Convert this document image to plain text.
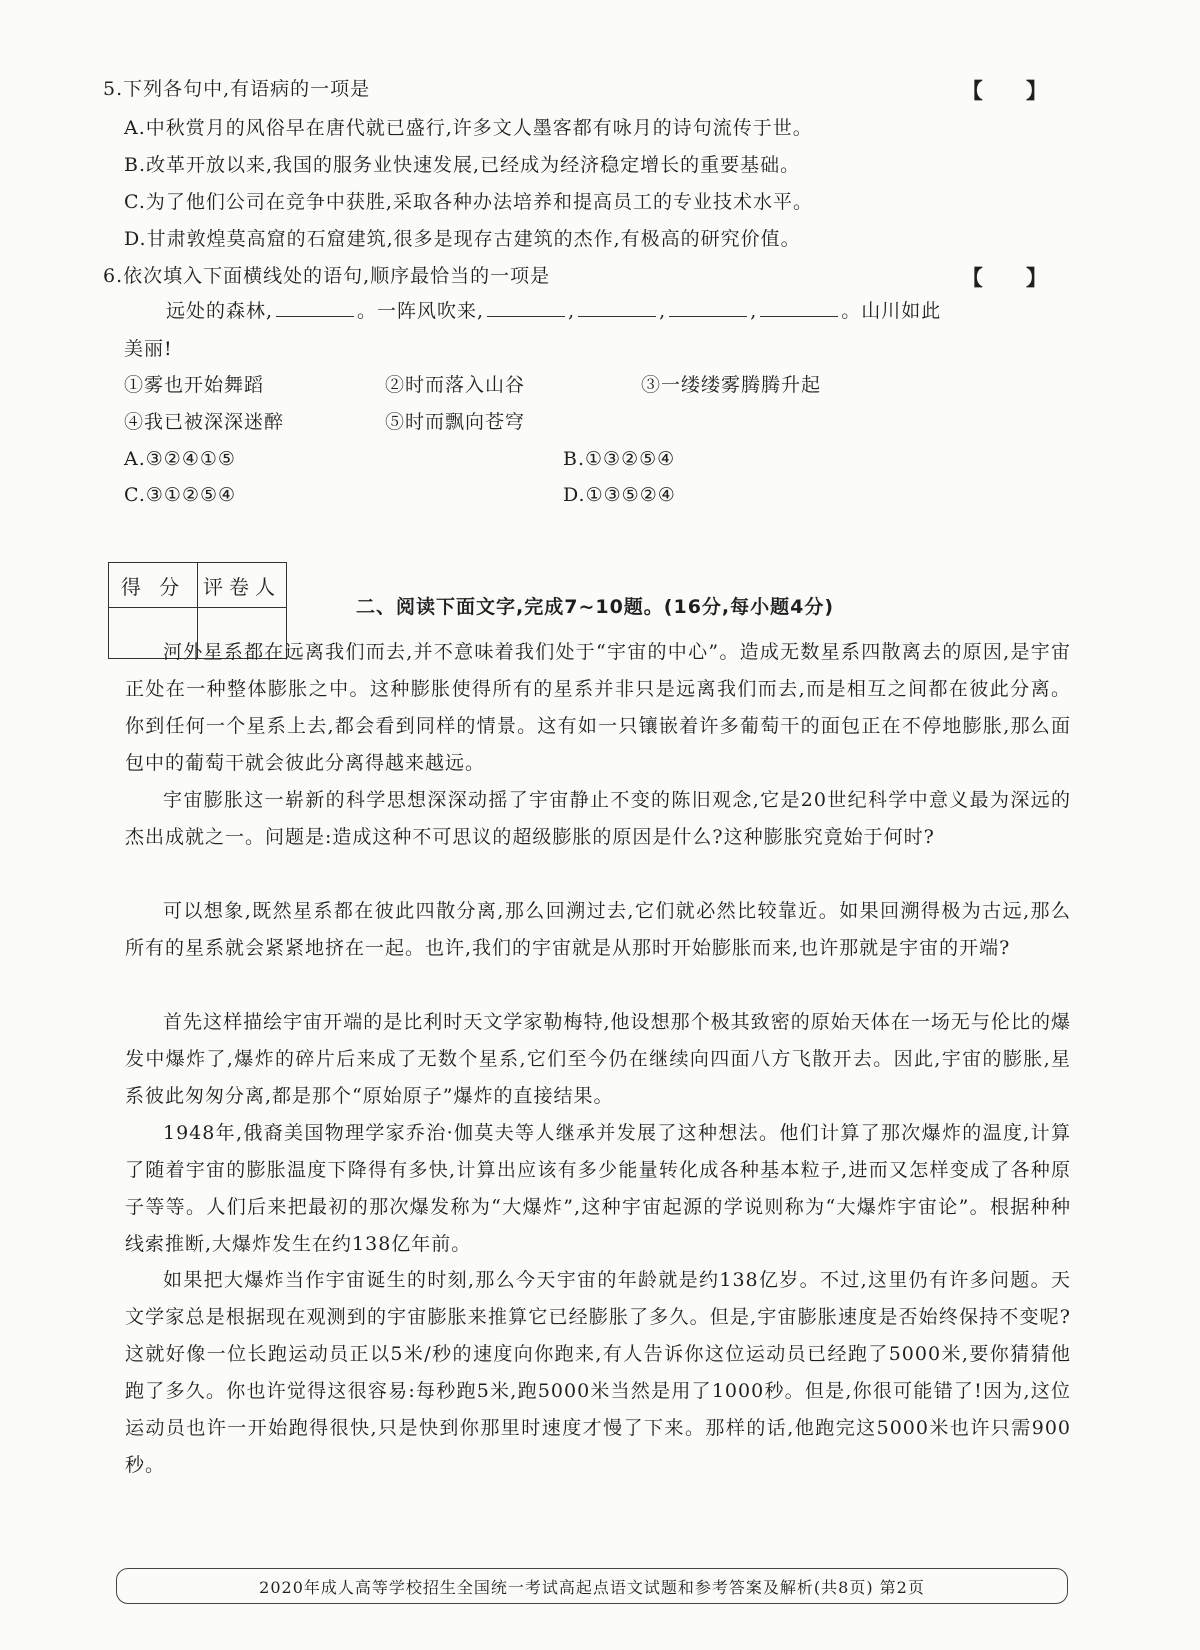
5.下列各句中,有语病的一项是	【 】
A.中秋赏月的风俗早在唐代就已盛行,许多文人墨客都有咏月的诗句流传于世。
B.改革开放以来,我国的服务业快速发展,已经成为经济稳定增长的重要基础。
C.为了他们公司在竞争中获胜,采取各种办法培养和提高员工的专业技术水平。
D.甘肃敦煌莫高窟的石窟建筑,很多是现存古建筑的杰作,有极高的研究价值。
6.依次填入下面横线处的语句,顺序最恰当的一项是	【 】
远处的森林,	。一阵风吹来,	,	,	,	。山川如此
美丽!
①雾也开始舞蹈	②时而落入山谷	③一缕缕雾腾腾升起
④我已被深深迷醉	⑤时而飘向苍穹
A.③②④①⑤	B.①③②⑤④
C.③①②⑤④	D.①③⑤②④
得 分	评卷人

二、阅读下面文字,完成7~10题。(16分,每小题4分)
河外星系都在远离我们而去,并不意味着我们处于“宇宙的中心”。造成无数星系四散离去的原因,是宇宙正处在一种整体膨胀之中。这种膨胀使得所有的星系并非只是远离我们而去,而是相互之间都在彼此分离。你到任何一个星系上去,都会看到同样的情景。这有如一只镶嵌着许多葡萄干的面包正在不停地膨胀,那么面包中的葡萄干就会彼此分离得越来越远。
宇宙膨胀这一崭新的科学思想深深动摇了宇宙静止不变的陈旧观念,它是20世纪科学中意义最为深远的杰出成就之一。问题是:造成这种不可思议的超级膨胀的原因是什么?这种膨胀究竟始于何时?
可以想象,既然星系都在彼此四散分离,那么回溯过去,它们就必然比较靠近。如果回溯得极为古远,那么所有的星系就会紧紧地挤在一起。也许,我们的宇宙就是从那时开始膨胀而来,也许那就是宇宙的开端?
首先这样描绘宇宙开端的是比利时天文学家勒梅特,他设想那个极其致密的原始天体在一场无与伦比的爆发中爆炸了,爆炸的碎片后来成了无数个星系,它们至今仍在继续向四面八方飞散开去。因此,宇宙的膨胀,星系彼此匆匆分离,都是那个“原始原子”爆炸的直接结果。
1948年,俄裔美国物理学家乔治·伽莫夫等人继承并发展了这种想法。他们计算了那次爆炸的温度,计算了随着宇宙的膨胀温度下降得有多快,计算出应该有多少能量转化成各种基本粒子,进而又怎样变成了各种原子等等。人们后来把最初的那次爆发称为“大爆炸”,这种宇宙起源的学说则称为“大爆炸宇宙论”。根据种种线索推断,大爆炸发生在约138亿年前。
如果把大爆炸当作宇宙诞生的时刻,那么今天宇宙的年龄就是约138亿岁。不过,这里仍有许多问题。天文学家总是根据现在观测到的宇宙膨胀来推算它已经膨胀了多久。但是,宇宙膨胀速度是否始终保持不变呢?这就好像一位长跑运动员正以5米/秒的速度向你跑来,有人告诉你这位运动员已经跑了5000米,要你猜猜他跑了多久。你也许觉得这很容易:每秒跑5米,跑5000米当然是用了1000秒。但是,你很可能错了!因为,这位运动员也许一开始跑得很快,只是快到你那里时速度才慢了下来。那样的话,他跑完这5000米也许只需900秒。
2020年成人高等学校招生全国统一考试高起点语文试题和参考答案及解析(共8页) 第2页
